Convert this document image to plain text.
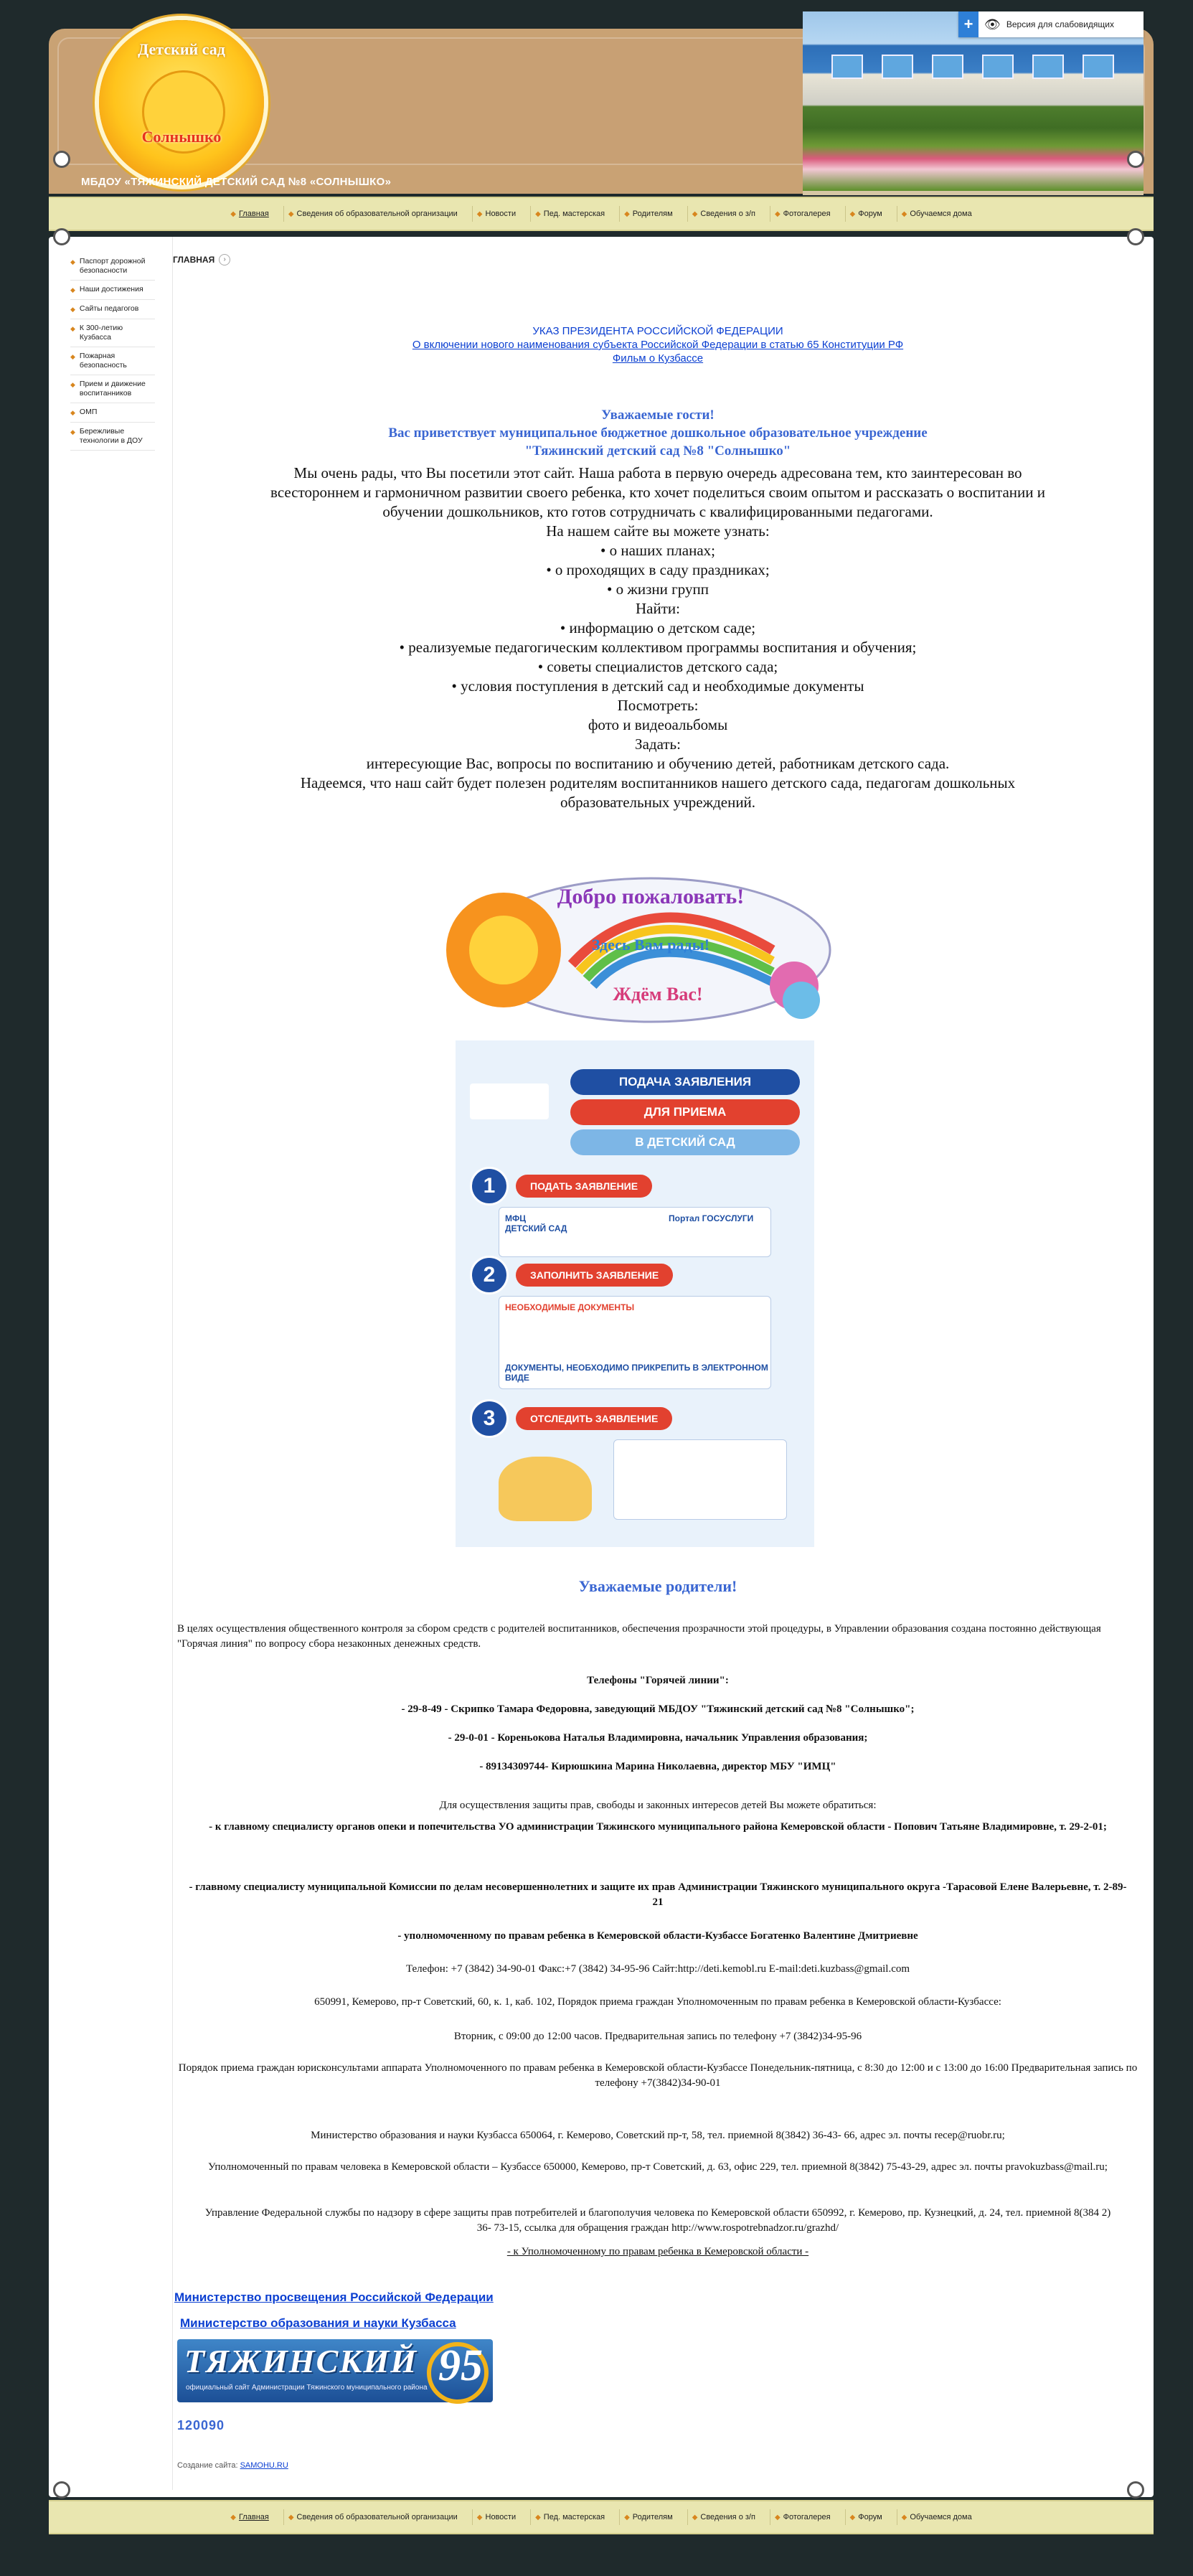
Детский сад
Солнышко
МБДОУ «ТЯЖИНСКИЙ ДЕТСКИЙ САД №8 «СОЛНЫШКО»
+ 👁 Версия для слабовидящих
◆ Главная	◆ Сведения об образовательной организации	◆ Новости	◆ Пед. мастерская	◆ Родителям	◆ Сведения о з/п	◆ Фотогалерея	◆ Форум	◆ Обучаемся дома
◆ Паспорт дорожной безопасности
◆ Наши достижения
◆ Сайты педагогов
◆ К 300-летию Кузбасса
◆ Пожарная безопасность
◆ Прием и движение воспитанников
◆ ОМП
◆ Бережливые технологии в ДОУ
ГЛАВНАЯ	›
УКАЗ ПРЕЗИДЕНТА РОССИЙСКОЙ ФЕДЕРАЦИИ
О включении нового наименования субъекта Российской Федерации в статью 65 Конституции РФ
Фильм о Кузбассе
Уважаемые гости!
Вас приветствует муниципальное бюджетное дошкольное образовательное учреждение
"Тяжинский детский сад №8 "Солнышко"
Мы очень рады, что Вы посетили этот сайт. Наша работа в первую очередь адресована тем, кто заинтересован во
всестороннем и гармоничном развитии своего ребенка, кто хочет поделиться своим опытом и рассказать о воспитании и
обучении дошкольников, кто готов сотрудничать с квалифицированными педагогами.
На нашем сайте вы можете узнать:
• о наших планах;
• о проходящих в саду праздниках;
• о жизни групп
Найти:
• информацию о детском саде;
• реализуемые педагогическим коллективом программы воспитания и обучения;
• советы специалистов детского сада;
• условия поступления в детский сад и необходимые документы
Посмотреть:
фото и видеоальбомы
Задать:
интересующие Вас, вопросы по воспитанию и обучению детей, работникам детского сада.
Надеемся, что наш сайт будет полезен родителям воспитанников нашего детского сада, педагогам дошкольных
образовательных учреждений.
Добро пожаловать!
Здесь Вам рады!
Ждём Вас!
ПОДАЧА ЗАЯВЛЕНИЯ
ДЛЯ ПРИЕМА
В ДЕТСКИЙ САД
1	ПОДАТЬ ЗАЯВЛЕНИЕ
МФЦ
ДЕТСКИЙ САД
Портал ГОСУСЛУГИ
2	ЗАПОЛНИТЬ ЗАЯВЛЕНИЕ
НЕОБХОДИМЫЕ ДОКУМЕНТЫ
ДОКУМЕНТЫ, НЕОБХОДИМО ПРИКРЕПИТЬ В ЭЛЕКТРОННОМ ВИДЕ
3	ОТСЛЕДИТЬ ЗАЯВЛЕНИЕ
Уважаемые родители!
В целях осуществления общественного контроля за сбором средств с родителей воспитанников, обеспечения прозрачности этой процедуры, в Управлении образования создана постоянно действующая "Горячая линия" по вопросу сбора незаконных денежных средств.
Телефоны "Горячей линии":
- 29-8-49 - Скрипко Тамара Федоровна, заведующий МБДОУ "Тяжинский детский сад №8 "Солнышко";
- 29-0-01 - Кореньокова Наталья Владимировна, начальник Управления образования;
- 89134309744- Кирюшкина Марина Николаевна, директор МБУ "ИМЦ"
Для осуществления защиты прав, свободы и законных интересов детей Вы можете обратиться:
- к главному специалисту органов опеки и попечительства УО администрации Тяжинского муниципального района Кемеровской области - Попович Татьяне Владимировне, т. 29-2-01;
- главному специалисту муниципальной Комиссии по делам несовершеннолетних и защите их прав Администрации Тяжинского муниципального округа -Тарасовой Елене Валерьевне, т. 2-89-21
- уполномоченному по правам ребенка в Кемеровской области-Кузбассе Богатенко Валентине Дмитриевне
Телефон: +7 (3842) 34-90-01 Факс:+7 (3842) 34-95-96 Сайт:http://deti.kemobl.ru E-mail:deti.kuzbass@gmail.com
650991, Кемерово, пр-т Советский, 60, к. 1, каб. 102, Порядок приема граждан Уполномоченным по правам ребенка в Кемеровской области-Кузбассе:
Вторник, с 09:00 до 12:00 часов. Предварительная запись по телефону +7 (3842)34-95-96
Порядок приема граждан юрисконсультами аппарата Уполномоченного по правам ребенка в Кемеровской области-Кузбассе Понедельник-пятница, с 8:30 до 12:00 и с 13:00 до 16:00 Предварительная запись по телефону +7(3842)34-90-01
Министерство образования и науки Кузбасса 650064, г. Кемерово, Советский пр-т, 58, тел. приемной 8(3842) 36-43- 66, адрес эл. почты recep@ruobr.ru;
Уполномоченный по правам человека в Кемеровской области – Кузбассе 650000, Кемерово, пр-т Советский, д. 63, офис 229, тел. приемной 8(3842) 75-43-29, адрес эл. почты pravokuzbass@mail.ru;
Управление Федеральной службы по надзору в сфере защиты прав потребителей и благополучия человека по Кемеровской области 650992, г. Кемерово, пр. Кузнецкий, д. 24, тел. приемной 8(384 2) 36- 73-15, ссылка для обращения граждан http://www.rospotrebnadzor.ru/grazhd/
- к Уполномоченному по правам ребенка в Кемеровской области -
Министерство просвещения Российской Федерации
Министерство образования и науки Кузбасса
ТЯЖИНСКИЙ
официальный сайт Администрации Тяжинского муниципального района 95
120090
Создание сайта: SAMOHU.RU
◆ Главная	◆ Сведения об образовательной организации	◆ Новости	◆ Пед. мастерская	◆ Родителям	◆ Сведения о з/п	◆ Фотогалерея	◆ Форум	◆ Обучаемся дома
